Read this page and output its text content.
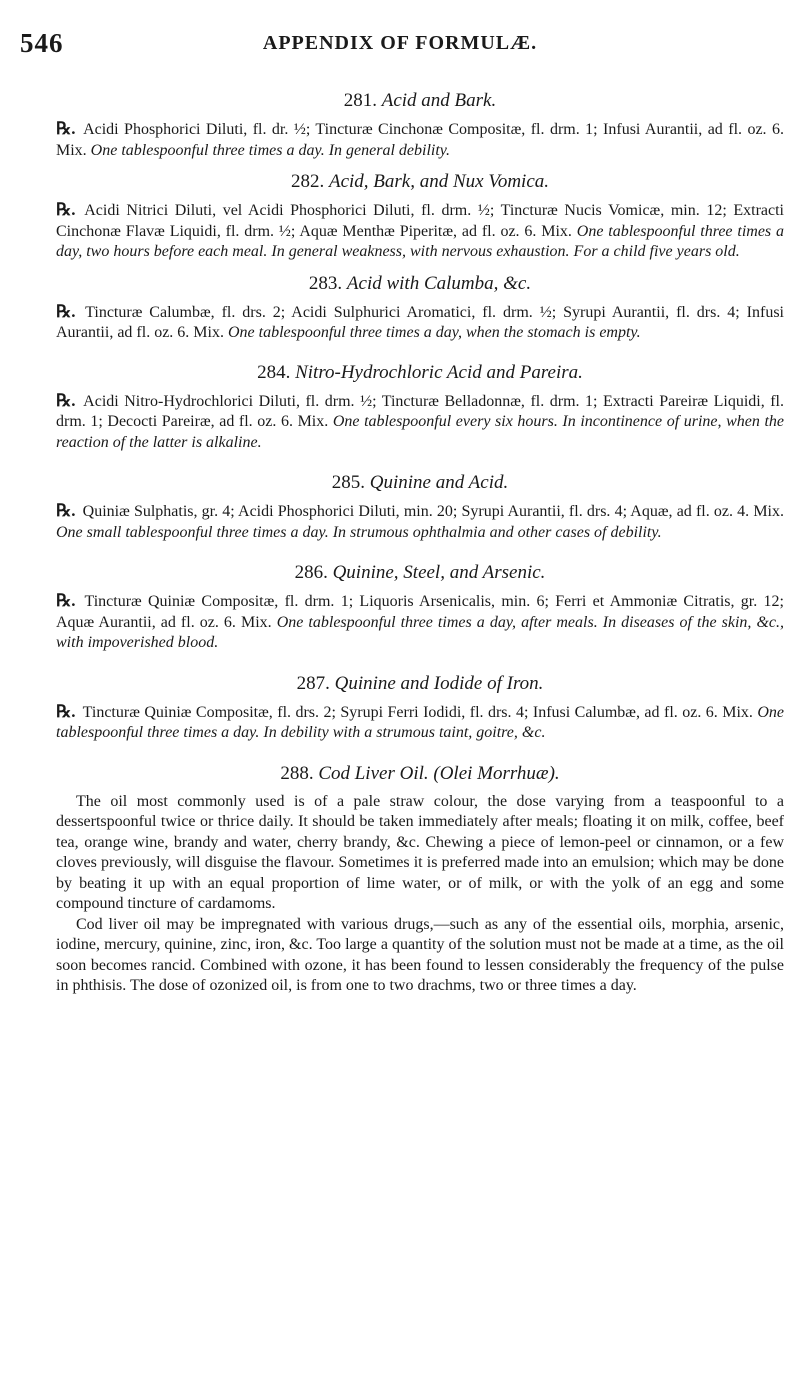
546	APPENDIX OF FORMULÆ.

281. Acid and Bark.

℞. Acidi Phosphorici Diluti, fl. dr. ½; Tincturæ Cinchonæ Compositæ, fl. drm. 1; Infusi Aurantii, ad fl. oz. 6. Mix. One tablespoonful three times a day. In general debility.

282. Acid, Bark, and Nux Vomica.

℞. Acidi Nitrici Diluti, vel Acidi Phosphorici Diluti, fl. drm. ½; Tincturæ Nucis Vomicæ, min. 12; Extracti Cinchonæ Flavæ Liquidi, fl. drm. ½; Aquæ Menthæ Piperitæ, ad fl. oz. 6. Mix. One tablespoonful three times a day, two hours before each meal. In general weakness, with nervous exhaustion. For a child five years old.

283. Acid with Calumba, &c.

℞. Tincturæ Calumbæ, fl. drs. 2; Acidi Sulphurici Aromatici, fl. drm. ½; Syrupi Aurantii, fl. drs. 4; Infusi Aurantii, ad fl. oz. 6. Mix. One tablespoonful three times a day, when the stomach is empty.

284. Nitro-Hydrochloric Acid and Pareira.

℞. Acidi Nitro-Hydrochlorici Diluti, fl. drm. ½; Tincturæ Belladonnæ, fl. drm. 1; Extracti Pareiræ Liquidi, fl. drm. 1; Decocti Pareiræ, ad fl. oz. 6. Mix. One tablespoonful every six hours. In incontinence of urine, when the reaction of the latter is alkaline.

285. Quinine and Acid.

℞. Quiniæ Sulphatis, gr. 4; Acidi Phosphorici Diluti, min. 20; Syrupi Aurantii, fl. drs. 4; Aquæ, ad fl. oz. 4. Mix. One small tablespoonful three times a day. In strumous ophthalmia and other cases of debility.

286. Quinine, Steel, and Arsenic.

℞. Tincturæ Quiniæ Compositæ, fl. drm. 1; Liquoris Arsenicalis, min. 6; Ferri et Ammoniæ Citratis, gr. 12; Aquæ Aurantii, ad fl. oz. 6. Mix. One tablespoonful three times a day, after meals. In diseases of the skin, &c., with impoverished blood.

287. Quinine and Iodide of Iron.

℞. Tincturæ Quiniæ Compositæ, fl. drs. 2; Syrupi Ferri Iodidi, fl. drs. 4; Infusi Calumbæ, ad fl. oz. 6. Mix. One tablespoonful three times a day. In debility with a strumous taint, goitre, &c.

288. Cod Liver Oil. (Olei Morrhuæ).

The oil most commonly used is of a pale straw colour, the dose varying from a teaspoonful to a dessertspoonful twice or thrice daily. It should be taken immediately after meals; floating it on milk, coffee, beef tea, orange wine, brandy and water, cherry brandy, &c. Chewing a piece of lemon-peel or cinnamon, or a few cloves previously, will disguise the flavour. Sometimes it is preferred made into an emulsion; which may be done by beating it up with an equal proportion of lime water, or of milk, or with the yolk of an egg and some compound tincture of cardamoms.

Cod liver oil may be impregnated with various drugs,—such as any of the essential oils, morphia, arsenic, iodine, mercury, quinine, zinc, iron, &c. Too large a quantity of the solution must not be made at a time, as the oil soon becomes rancid. Combined with ozone, it has been found to lessen considerably the frequency of the pulse in phthisis. The dose of ozonized oil, is from one to two drachms, two or three times a day.
